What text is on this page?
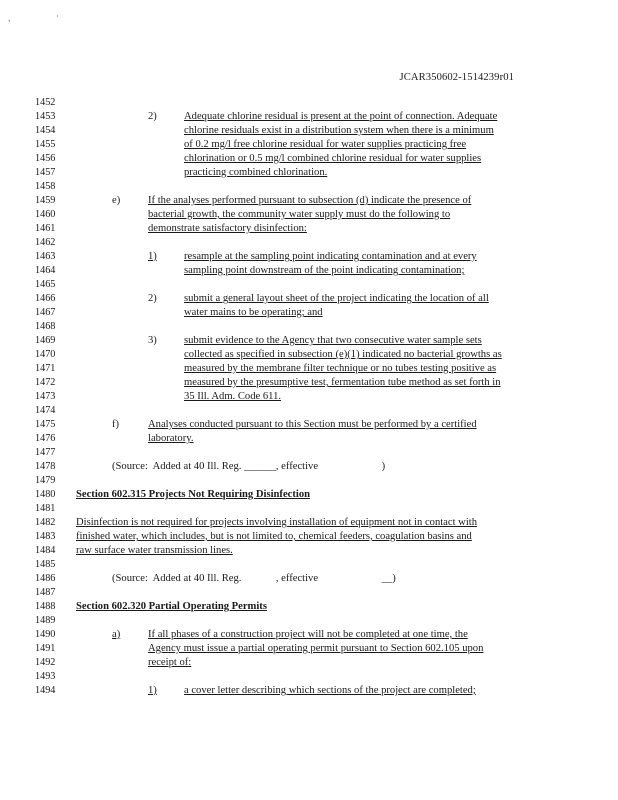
‘
·
JCAR350602-1514239r01
1452
1453
1454
1455
1456
1457
1458
1459
1460
1461
1462
1463
1464
1465
1466
1467
1468
1469
1470
1471
1472
1473
1474
1475
1476
1477
1478
1479
1480
1481
1482
1483
1484
1485
1486
1487
1488
1489
1490
1491
1492
1493
1494
2)	Adequate chlorine residual is present at the point of connection. Adequate
chlorine residuals exist in a distribution system when there is a minimum
of 0.2 mg/l free chlorine residual for water supplies practicing free
chlorination or 0.5 mg/l combined chlorine residual for water supplies
practicing combined chlorination.
e)	If the analyses performed pursuant to subsection (d) indicate the presence of
bacterial growth, the community water supply must do the following to
demonstrate satisfactory disinfection:
1)	resample at the sampling point indicating contamination and at every
sampling point downstream of the point indicating contamination;
2)	submit a general layout sheet of the project indicating the location of all
water mains to be operating; and
3)	submit evidence to the Agency that two consecutive water sample sets
collected as specified in subsection (e)(1) indicated no bacterial growths as
measured by the membrane filter technique or no tubes testing positive as
measured by the presumptive test, fermentation tube method as set forth in
35 Ill. Adm. Code 611.
f)	Analyses conducted pursuant to this Section must be performed by a certified
laboratory.
(Source:  Added at 40 Ill. Reg. ______, effective                        )
Section 602.315 Projects Not Requiring Disinfection
Disinfection is not required for projects involving installation of equipment not in contact with
finished water, which includes, but is not limited to, chemical feeders, coagulation basins and
raw surface water transmission lines.
(Source:  Added at 40 Ill. Reg.             , effective                        __)
Section 602.320 Partial Operating Permits
a)	If all phases of a construction project will not be completed at one time, the
Agency must issue a partial operating permit pursuant to Section 602.105 upon
receipt of:
1)	a cover letter describing which sections of the project are completed;
